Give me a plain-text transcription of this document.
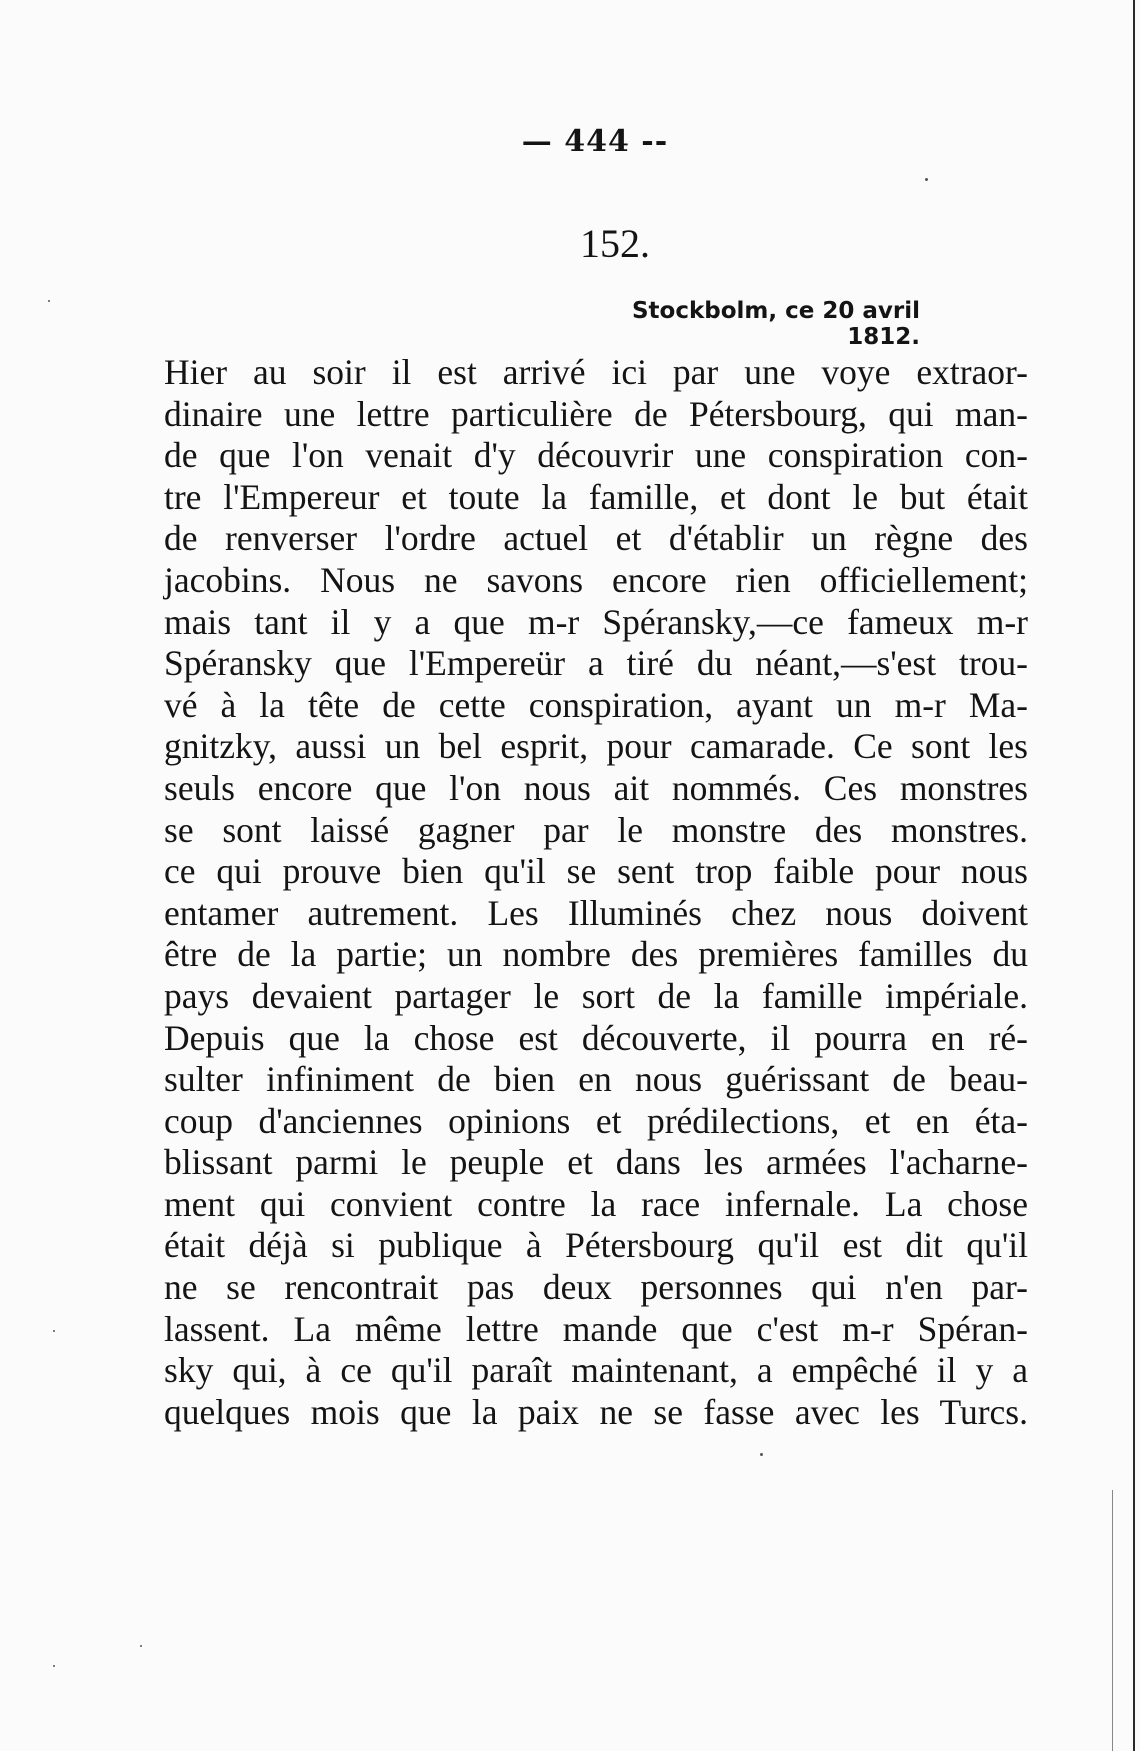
— 444 --
152.
Stockbolm, ce 20 avril 1812.
Hier au soir il est arrivé ici par une voye extraor-
dinaire une lettre particulière de Pétersbourg, qui man-
de que l'on venait d'y découvrir une conspiration con-
tre l'Empereur et toute la famille, et dont le but était
de renverser l'ordre actuel et d'établir un règne des
jacobins. Nous ne savons encore rien officiellement;
mais tant il y a que m-r Spéransky,—ce fameux m-r
Spéransky que l'Empereür a tiré du néant,—s'est trou-
vé à la tête de cette conspiration, ayant un m-r Ma-
gnitzky, aussi un bel esprit, pour camarade. Ce sont les
seuls encore que l'on nous ait nommés. Ces monstres
se sont laissé gagner par le monstre des monstres.
ce qui prouve bien qu'il se sent trop faible pour nous
entamer autrement. Les Illuminés chez nous doivent
être de la partie; un nombre des premières familles du
pays devaient partager le sort de la famille impériale.
Depuis que la chose est découverte, il pourra en ré-
sulter infiniment de bien en nous guérissant de beau-
coup d'anciennes opinions et prédilections, et en éta-
blissant parmi le peuple et dans les armées l'acharne-
ment qui convient contre la race infernale. La chose
était déjà si publique à Pétersbourg qu'il est dit qu'il
ne se rencontrait pas deux personnes qui n'en par-
lassent. La même lettre mande que c'est m-r Spéran-
sky qui, à ce qu'il paraît maintenant, a empêché il y a
quelques mois que la paix ne se fasse avec les Turcs.
